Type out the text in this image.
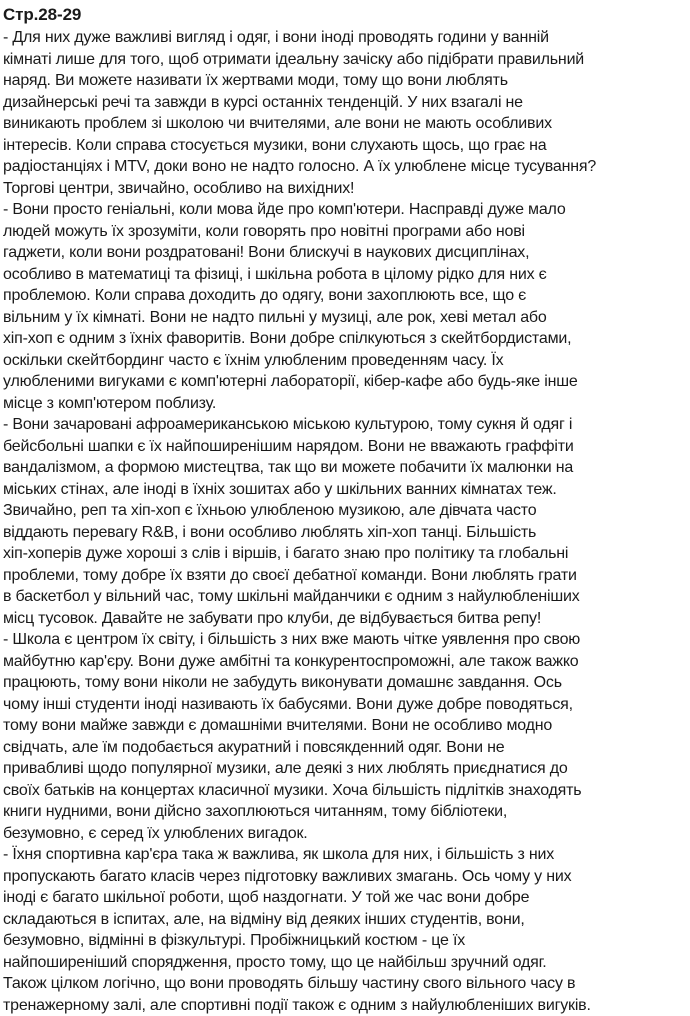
Стр.28-29
- Для них дуже важливі вигляд і одяг, і вони іноді проводять години у ванній
кімнаті лише для того, щоб отримати ідеальну зачіску або підібрати правильний
наряд. Ви можете називати їх жертвами моди, тому що вони люблять
дизайнерські речі та завжди в курсі останніх тенденцій. У них взагалі не
виникають проблем зі школою чи вчителями, але вони не мають особливих
інтересів. Коли справа стосується музики, вони слухають щось, що грає на
радіостанціях і MTV, доки воно не надто голосно. А їх улюблене місце тусування?
Торгові центри, звичайно, особливо на вихідних!
- Вони просто геніальні, коли мова йде про комп'ютери. Насправді дуже мало
людей можуть їх зрозуміти, коли говорять про новітні програми або нові
гаджети, коли вони роздратовані! Вони блискучі в наукових дисциплінах,
особливо в математиці та фізиці, і шкільна робота в цілому рідко для них є
проблемою. Коли справа доходить до одягу, вони захоплюють все, що є
вільним у їх кімнаті. Вони не надто пильні у музиці, але рок, хеві метал або
хіп-хоп є одним з їхніх фаворитів. Вони добре спілкуються з скейтбордистами,
оскільки скейтбординг часто є їхнім улюбленим проведенням часу. Їх
улюбленими вигуками є комп'ютерні лабораторії, кібер-кафе або будь-яке інше
місце з комп'ютером поблизу.
- Вони зачаровані афроамериканською міською культурою, тому сукня й одяг і
бейсбольні шапки є їх найпоширенішим нарядом. Вони не вважають граффіти
вандалізмом, а формою мистецтва, так що ви можете побачити їх малюнки на
міських стінах, але іноді в їхніх зошитах або у шкільних ванних кімнатах теж.
Звичайно, реп та хіп-хоп є їхньою улюбленою музикою, але дівчата часто
віддають перевагу R&B, і вони особливо люблять хіп-хоп танці. Більшість
хіп-хоперів дуже хороші з слів і віршів, і багато знаю про політику та глобальні
проблеми, тому добре їх взяти до своєї дебатної команди. Вони люблять грати
в баскетбол у вільний час, тому шкільні майданчики є одним з найулюбленіших
місц тусовок. Давайте не забувати про клуби, де відбувається битва репу!
- Школа є центром їх світу, і більшість з них вже мають чітке уявлення про свою
майбутню кар'єру. Вони дуже амбітні та конкурентоспроможні, але також важко
працюють, тому вони ніколи не забудуть виконувати домашнє завдання. Ось
чому інші студенти іноді називають їх бабусями. Вони дуже добре поводяться,
тому вони майже завжди є домашніми вчителями. Вони не особливо модно
свідчать, але їм подобається акуратний і повсякденний одяг. Вони не
привабливі щодо популярної музики, але деякі з них люблять приєднатися до
своїх батьків на концертах класичної музики. Хоча більшість підлітків знаходять
книги нудними, вони дійсно захоплюються читанням, тому бібліотеки,
безумовно, є серед їх улюблених вигадок.
- Їхня спортивна кар'єра така ж важлива, як школа для них, і більшість з них
пропускають багато класів через підготовку важливих змагань. Ось чому у них
іноді є багато шкільної роботи, щоб наздогнати. У той же час вони добре
складаються в іспитах, але, на відміну від деяких інших студентів, вони,
безумовно, відмінні в фізкультурі. Пробіжницький костюм - це їх
найпоширеніший спорядження, просто тому, що це найбільш зручний одяг.
Також цілком логічно, що вони проводять більшу частину свого вільного часу в
тренажерному залі, але спортивні події також є одним з найулюбленіших вигуків.
